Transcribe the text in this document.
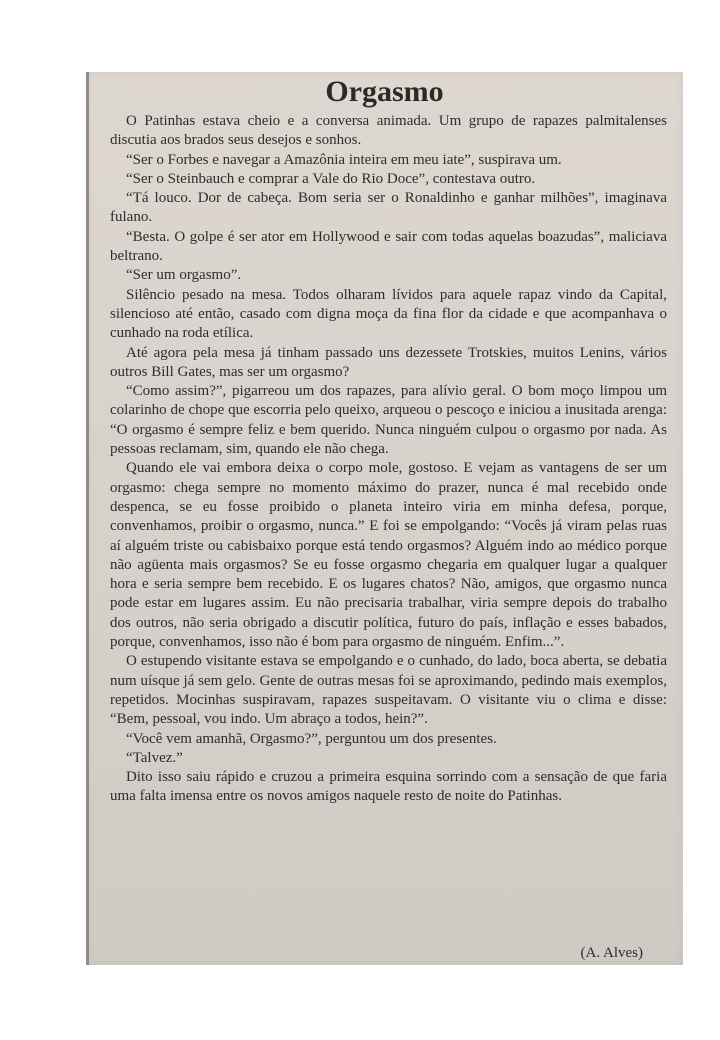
Orgasmo

O Patinhas estava cheio e a conversa animada. Um grupo de rapazes palmitalenses discutia aos brados seus desejos e sonhos.

“Ser o Forbes e navegar a Amazônia inteira em meu iate”, suspirava um.

“Ser o Steinbauch e comprar a Vale do Rio Doce”, contestava outro.

“Tá louco. Dor de cabeça. Bom seria ser o Ronaldinho e ganhar milhões”, imaginava fulano.

“Besta. O golpe é ser ator em Hollywood e sair com todas aquelas boazudas”, maliciava beltrano.

“Ser um orgasmo”.

Silêncio pesado na mesa. Todos olharam lívidos para aquele rapaz vindo da Capital, silencioso até então, casado com digna moça da fina flor da cidade e que acompanhava o cunhado na roda etílica.

Até agora pela mesa já tinham passado uns dezessete Trotskies, muitos Lenins, vários outros Bill Gates, mas ser um orgasmo?

“Como assim?”, pigarreou um dos rapazes, para alívio geral. O bom moço limpou um colarinho de chope que escorria pelo queixo, arqueou o pescoço e iniciou a inusitada arenga: “O orgasmo é sempre feliz e bem querido. Nunca ninguém culpou o orgasmo por nada. As pessoas reclamam, sim, quando ele não chega.

Quando ele vai embora deixa o corpo mole, gostoso. E vejam as vantagens de ser um orgasmo: chega sempre no momento máximo do prazer, nunca é mal recebido onde despenca, se eu fosse proibido o planeta inteiro viria em minha defesa, porque, convenhamos, proibir o orgasmo, nunca.” E foi se empolgando: “Vocês já viram pelas ruas aí alguém triste ou cabisbaixo porque está tendo orgasmos? Alguém indo ao médico porque não agüenta mais orgasmos? Se eu fosse orgasmo chegaria em qualquer lugar a qualquer hora e seria sempre bem recebido. E os lugares chatos? Não, amigos, que orgasmo nunca pode estar em lugares assim. Eu não precisaria trabalhar, viria sempre depois do trabalho dos outros, não seria obrigado a discutir política, futuro do país, inflação e esses babados, porque, convenhamos, isso não é bom para orgasmo de ninguém. Enfim...”.

O estupendo visitante estava se empolgando e o cunhado, do lado, boca aberta, se debatia num uísque já sem gelo. Gente de outras mesas foi se aproximando, pedindo mais exemplos, repetidos. Mocinhas suspiravam, rapazes suspeitavam. O visitante viu o clima e disse: “Bem, pessoal, vou indo. Um abraço a todos, hein?”.

“Você vem amanhã, Orgasmo?”, perguntou um dos presentes.

“Talvez.”

Dito isso saiu rápido e cruzou a primeira esquina sorrindo com a sensação de que faria uma falta imensa entre os novos amigos naquele resto de noite do Patinhas.

(A. Alves)
